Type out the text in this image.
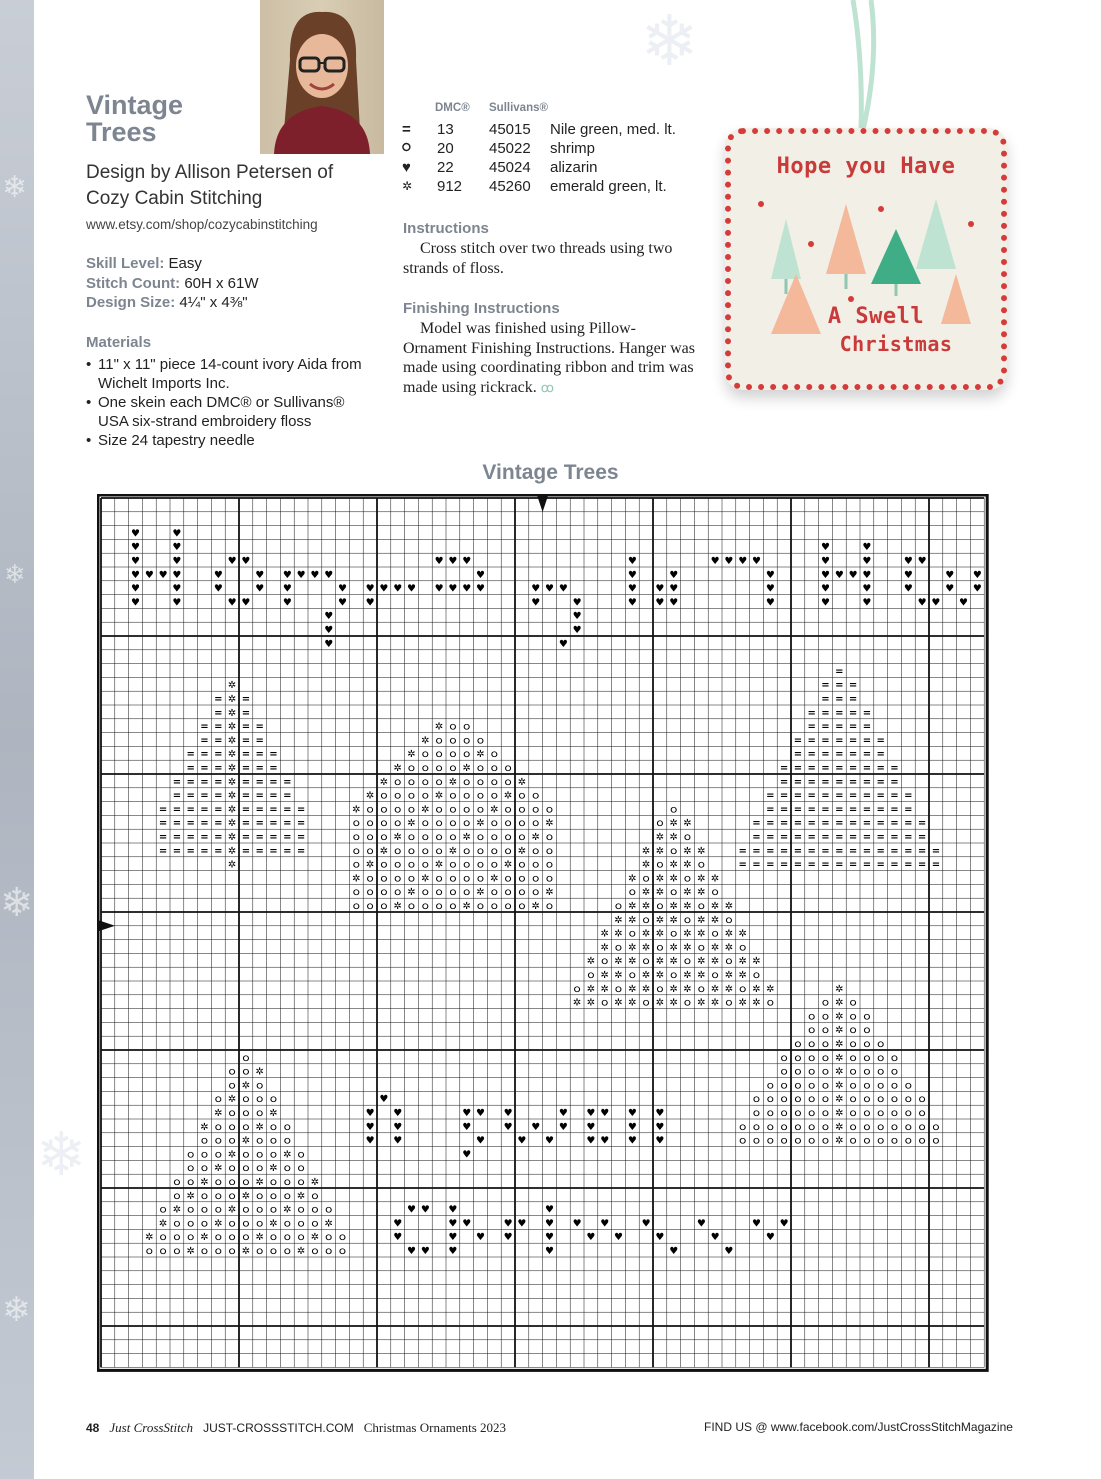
❄
❄
❄
❄
❄
❄
Vintage Trees
Design by Allison Petersen of Cozy Cabin Stitching
www.etsy.com/shop/cozycabinstitching
Skill Level: Easy
Stitch Count: 60H x 61W
Design Size: 4¼" x 4⅜"
Materials
• 11" x 11" piece 14-count ivory Aida from Wichelt Imports Inc.
• One skein each DMC® or Sullivans® USA six-strand embroidery floss
• Size 24 tapestry needle
DMC® Sullivans®
= 13 45015 Nile green, med. lt.
⭘ 20 45022 shrimp
♥ 22 45024 alizarin
✲ 912 45260 emerald green, lt.
Instructions

Cross stitch over two threads using two strands of floss.

Finishing Instructions

Model was finished using Pillow-Ornament Finishing Instructions. Hanger was made using coordinating ribbon and trim was made using rickrack. ꝏ

Hope you Have
A Swell
Christmas
Vintage Trees
♥
♥
♥
♥
♥
♥
♥
♥
♥
♥
♥
♥
♥ ♥
♥ ♥
♥	♥
♥	♥
♥ ♥
♥
♥
♥
♥ ♥ ♥
♥
♥
♥
♥
♥
♥ ♥ ♥ ♥
♥
♥ ♥ ♥ ♥
♥
♥ ♥ ♥
♥
♥
♥ ♥
♥
♥
♥
♥
♥
♥
♥
♥
♥
♥
♥
♥ ♥ ♥ ♥
♥
♥
♥
♥
♥
♥
♥
♥
♥
♥
♥
♥
♥
♥
♥
♥ ♥
♥ ♥
♥	♥
♥	♥
♥ ♥
♥
♥
♥
✲
✲
✲
✲
✲
✲
✲
✲
✲
✲
✲
✲
✲
✲
✲ ⭘ ⭘
✲ ⭘ ⭘ ⭘ ⭘
✲ ⭘ ⭘ ⭘ ⭘ ✲ ⭘
✲ ⭘ ⭘ ⭘ ⭘ ✲ ⭘ ⭘ ⭘
✲ ⭘ ⭘ ⭘ ⭘ ✲ ⭘ ⭘ ⭘ ⭘ ✲
✲ ⭘ ⭘ ⭘ ⭘ ✲ ⭘ ⭘ ⭘ ⭘ ✲ ⭘ ⭘
✲ ⭘ ⭘ ⭘ ⭘ ✲ ⭘ ⭘ ⭘ ⭘ ✲ ⭘ ⭘ ⭘ ⭘
⭘ ⭘ ⭘ ⭘ ✲ ⭘ ⭘ ⭘ ⭘ ✲ ⭘ ⭘ ⭘ ⭘ ✲
⭘ ⭘ ⭘ ✲ ⭘ ⭘ ⭘ ⭘ ✲ ⭘ ⭘ ⭘ ⭘ ✲ ⭘
⭘ ⭘ ✲ ⭘ ⭘ ⭘ ⭘ ✲ ⭘ ⭘ ⭘ ⭘ ✲ ⭘ ⭘
⭘ ✲ ⭘ ⭘ ⭘ ⭘ ✲ ⭘ ⭘ ⭘ ⭘ ✲ ⭘ ⭘ ⭘
✲ ⭘ ⭘ ⭘ ⭘ ✲ ⭘ ⭘ ⭘ ⭘ ✲ ⭘ ⭘ ⭘ ⭘
⭘ ⭘ ⭘ ⭘ ✲ ⭘ ⭘ ⭘ ⭘ ✲ ⭘ ⭘ ⭘ ⭘ ✲
⭘ ⭘ ⭘ ✲ ⭘ ⭘ ⭘ ⭘ ✲ ⭘ ⭘ ⭘ ⭘ ✲ ⭘
=
= = =
= = =
= = = = =
= = = = =
= = = = = = =
= = = = = = =
= = = = = = = = =
= = = = = = = = =
= = = = = = = = = = =
= = = = = = = = = = =
= = = = = = = = = = = = =
= = = = = = = = = = = = =
= = = = = = = = = = = = = = =
= = = = = = = = = = = = = = =
= =
= =
= = = =
= = = =
= = = = = =
= = = = = =
= = = = = = = =
= = = = = = = =
= = = = = = = = = =
= = = = = = = = = =
= = = = = = = = = =
= = = = = = = = = =
⭘
⭘ ✲ ✲
✲ ✲ ⭘
✲ ✲ ⭘ ✲ ✲
✲ ⭘ ✲ ✲ ⭘
✲ ⭘ ✲ ✲ ⭘ ✲ ✲
⭘ ✲ ✲ ⭘ ✲ ✲ ⭘
⭘ ✲ ✲ ⭘ ✲ ✲ ⭘ ✲ ✲
✲ ✲ ⭘ ✲ ✲ ⭘ ✲ ✲ ⭘
✲ ✲ ⭘ ✲ ✲ ⭘ ✲ ✲ ⭘ ✲ ✲
✲ ⭘ ✲ ✲ ⭘ ✲ ✲ ⭘ ✲ ✲ ⭘
✲ ⭘ ✲ ✲ ⭘ ✲ ✲ ⭘ ✲ ✲ ⭘ ✲ ✲
⭘ ✲ ✲ ⭘ ✲ ✲ ⭘ ✲ ✲ ⭘ ✲ ✲ ⭘
⭘ ✲ ✲ ⭘ ✲ ✲ ⭘ ✲ ✲ ⭘ ✲ ✲ ⭘ ✲ ✲
✲ ✲ ⭘ ✲ ✲ ⭘ ✲ ✲ ⭘ ✲ ✲ ⭘ ✲ ✲ ⭘
⭘
⭘ ⭘ ✲
⭘ ✲ ⭘
⭘ ✲ ⭘ ⭘ ⭘
✲ ⭘ ⭘ ⭘ ✲
✲ ⭘ ⭘ ⭘ ✲ ⭘ ⭘
⭘ ⭘ ⭘ ✲ ⭘ ⭘ ⭘
⭘ ⭘ ⭘ ✲ ⭘ ⭘ ⭘ ✲ ⭘
⭘ ⭘ ✲ ⭘ ⭘ ⭘ ✲ ⭘ ⭘
⭘ ⭘ ✲ ⭘ ⭘ ⭘ ✲ ⭘ ⭘ ⭘ ✲
⭘ ✲ ⭘ ⭘ ⭘ ✲ ⭘ ⭘ ⭘ ✲ ⭘
⭘ ✲ ⭘ ⭘ ⭘ ✲ ⭘ ⭘ ⭘ ✲ ⭘ ⭘ ⭘
✲ ⭘ ⭘ ⭘ ✲ ⭘ ⭘ ⭘ ✲ ⭘ ⭘ ⭘ ✲
✲ ⭘ ⭘ ⭘ ✲ ⭘ ⭘ ⭘ ✲ ⭘ ⭘ ⭘ ✲ ⭘ ⭘
⭘ ⭘ ⭘ ✲ ⭘ ⭘ ⭘ ✲ ⭘ ⭘ ⭘ ✲ ⭘ ⭘ ⭘
✲
⭘	⭘
✲
⭘ ⭘	⭘ ⭘
✲
⭘ ⭘	⭘ ⭘
✲
⭘ ⭘ ⭘	⭘ ⭘ ⭘
✲
⭘ ⭘ ⭘ ⭘	⭘ ⭘ ⭘ ⭘
✲
⭘ ⭘ ⭘ ⭘	⭘ ⭘ ⭘ ⭘
✲
⭘ ⭘ ⭘ ⭘ ⭘	⭘ ⭘ ⭘ ⭘ ⭘
✲
⭘ ⭘ ⭘ ⭘ ⭘ ⭘	⭘ ⭘ ⭘ ⭘ ⭘ ⭘
✲
⭘ ⭘ ⭘ ⭘ ⭘ ⭘	⭘ ⭘ ⭘ ⭘ ⭘ ⭘
✲
⭘ ⭘ ⭘ ⭘ ⭘ ⭘ ⭘	⭘ ⭘ ⭘ ⭘ ⭘ ⭘ ⭘
✲
⭘ ⭘ ⭘ ⭘ ⭘ ⭘ ⭘	⭘ ⭘ ⭘ ⭘ ⭘ ⭘ ⭘
✲
♥
♥
♥
♥
♥
♥
♥
♥ ♥
♥
♥
♥
♥
♥
♥
♥
♥
♥
♥
♥ ♥
♥
♥ ♥
♥
♥
♥
♥
♥
♥
♥ ♥
♥
♥
♥ ♥
♥
♥
♥
♥
♥
♥
♥
♥
♥
♥
♥
♥
♥
♥
♥
♥
♥
♥
♥
♥
♥
♥
♥
♥
♥
♥
48 Just CrossStitch JUST-CROSSSTITCH.COM Christmas Ornaments 2023	FIND US @ www.facebook.com/JustCrossStitchMagazine
